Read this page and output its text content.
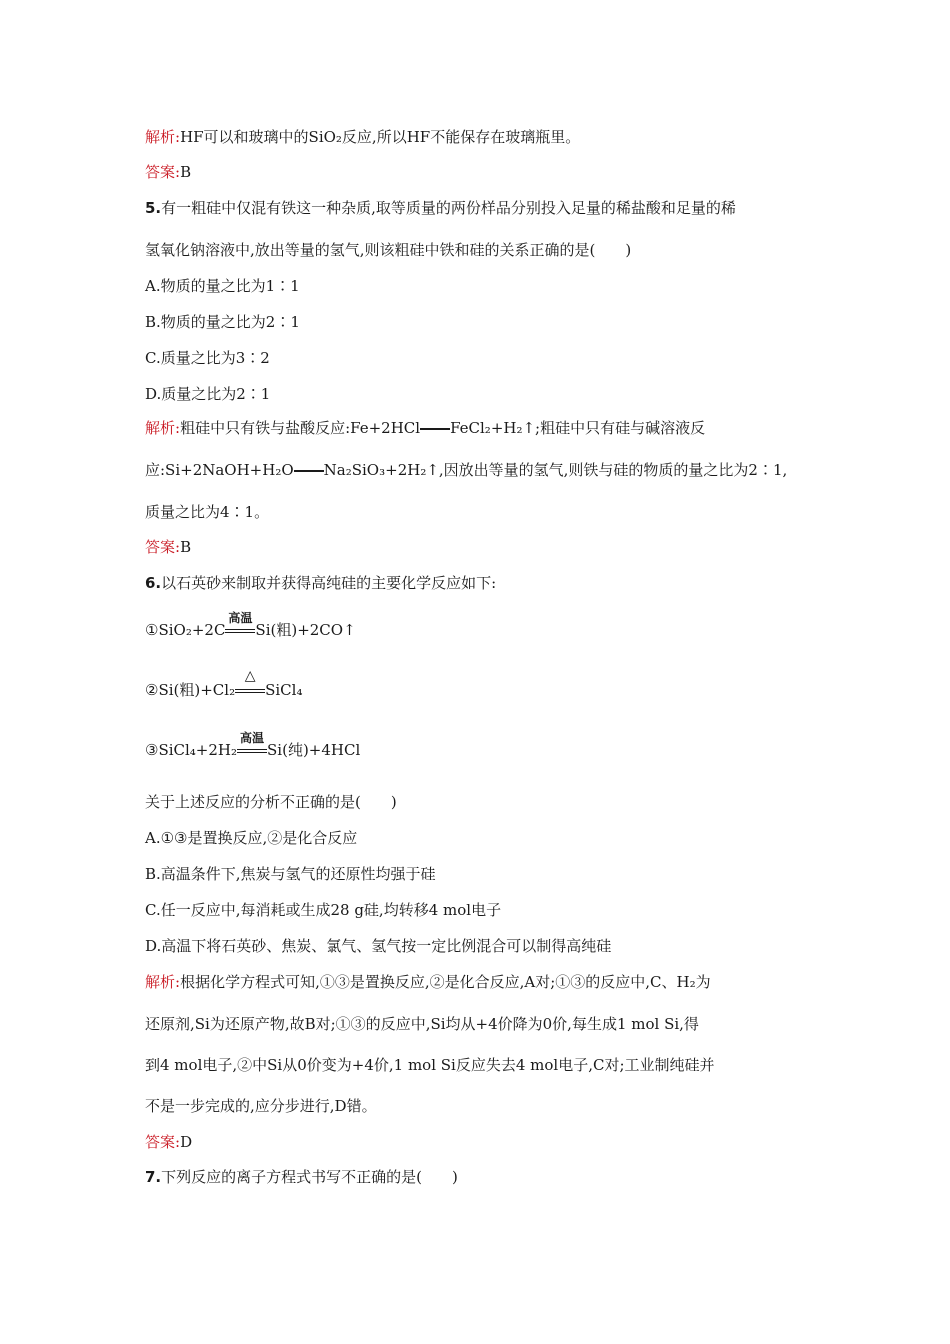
解析:HF可以和玻璃中的SiO₂反应,所以HF不能保存在玻璃瓶里。
答案:B
5.有一粗硅中仅混有铁这一种杂质,取等质量的两份样品分别投入足量的稀盐酸和足量的稀
氢氧化钠溶液中,放出等量的氢气,则该粗硅中铁和硅的关系正确的是(　　)
A.物质的量之比为1∶1
B.物质的量之比为2∶1
C.质量之比为3∶2
D.质量之比为2∶1
解析:粗硅中只有铁与盐酸反应:Fe+2HCl FeCl₂+H₂↑;粗硅中只有硅与碱溶液反
应:Si+2NaOH+H₂O Na₂SiO₃+2H₂↑,因放出等量的氢气,则铁与硅的物质的量之比为2∶1,
质量之比为4∶1。
答案:B
6.以石英砂来制取并获得高纯硅的主要化学反应如下:
①SiO₂+2C
高温
Si(粗)+2CO↑
②Si(粗)+Cl₂
△
SiCl₄
③SiCl₄+2H₂
高温
Si(纯)+4HCl
关于上述反应的分析不正确的是(　　)
A.①③是置换反应,②是化合反应
B.高温条件下,焦炭与氢气的还原性均强于硅
C.任一反应中,每消耗或生成28 g硅,均转移4 mol电子
D.高温下将石英砂、焦炭、氯气、氢气按一定比例混合可以制得高纯硅
解析:根据化学方程式可知,①③是置换反应,②是化合反应,A对;①③的反应中,C、H₂为
还原剂,Si为还原产物,故B对;①③的反应中,Si均从+4价降为0价,每生成1 mol Si,得
到4 mol电子,②中Si从0价变为+4价,1 mol Si反应失去4 mol电子,C对;工业制纯硅并
不是一步完成的,应分步进行,D错。
答案:D
7.下列反应的离子方程式书写不正确的是(　　)
